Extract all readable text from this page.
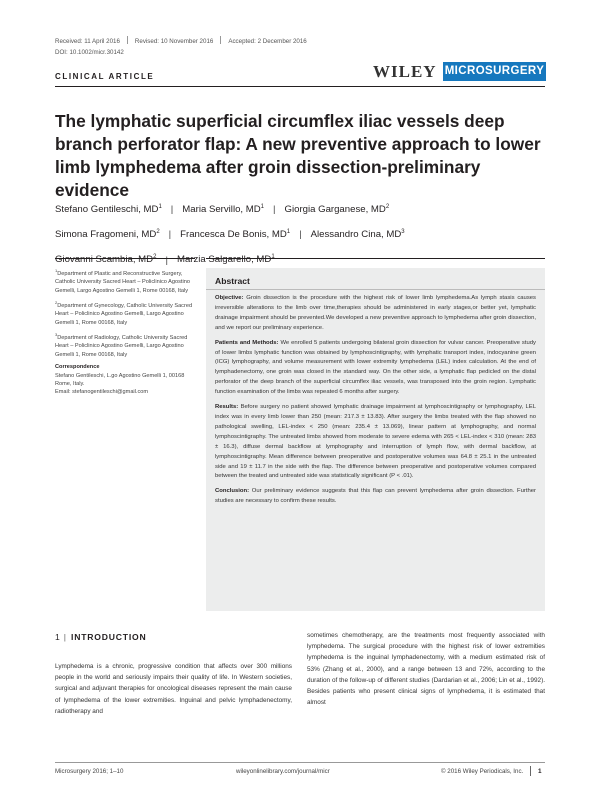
Received: 11 April 2016 Revised: 10 November 2016 Accepted: 2 December 2016
DOI: 10.1002/micr.30142
CLINICAL ARTICLE	WILEY MICROSURGERY
The lymphatic superficial circumflex iliac vessels deep branch perforator flap: A new preventive approach to lower limb lymphedema after groin dissection-preliminary evidence
Stefano Gentileschi, $MD^1$ | Maria Servillo, $MD^1$ | Giorgia Garganese, $MD^2$
Simona Fragomeni, $MD^2$ | Francesca De Bonis, $MD^1$ | Alessandro Cina, $MD^3$
Giovanni Scambia, $MD^2$ | Marzia Salgarello, $MD^1$

$^1$Department of Plastic and Reconstructive Surgery, Catholic University Sacred Heart – Policlinico Agostino Gemelli, Largo Agostino Gemelli 1, Rome 00168, Italy

$^2$Department of Gynecology, Catholic University Sacred Heart – Policlinico Agostino Gemelli, Largo Agostino Gemelli 1, Rome 00168, Italy

$^3$Department of Radiology, Catholic University Sacred Heart – Policlinico Agostino Gemelli, Largo Agostino Gemelli 1, Rome 00168, Italy

Correspondence

Stefano Gentileschi, L.go Agostino Gemelli 1, 00168 Rome, Italy.

Email: stefanogentileschi@gmail.com

Abstract

Objective: Groin dissection is the procedure with the highest risk of lower limb lymphedema.As lymph stasis causes irreversible alterations to the limb over time,therapies should be administered in early stages,or better yet, lymphatic drainage impairment should be prevented.We developed a new preventive approach to lymphedema after groin dissection, and we report our preliminary experience.

Patients and Methods: We enrolled 5 patients undergoing bilateral groin dissection for vulvar cancer. Preoperative study of lower limbs lymphatic function was obtained by lymphoscintigraphy, with lymphatic transport index, indocyanine green (ICG) lymphography, and volume measurement with lower extremity lymphedema (LEL) index calculation. At the end of lymphadenectomy, one groin was closed in the standard way. On the other side, a lymphatic flap pedicled on the distal perforator of the deep branch of the superficial circumflex iliac vessels, was transposed into the groin region. Lymphatic function examination of the limbs was repeated 6 months after surgery.

Results: Before surgery no patient showed lymphatic drainage impairment at lymphoscintigraphy or lymphography, LEL index was in every limb lower than 250 (mean: 217.3 ± 13.83). After surgery the limbs treated with the flap showed no pathological swelling, LEL-index < 250 (mean: 235.4 ± 13.069), linear pattern at lymphography, and normal lymphoscintigraphy. The untreated limbs showed from moderate to severe edema with 265 < LEL-index < 310 (mean: 283 ± 16.3), diffuse dermal backflow at lymphography and interruption of lymph flow, with dermal backflow, at lymphoscintigraphy. Mean difference between preoperative and postoperative volumes was 64.8 ± 25.1 in the untreated side and 19 ± 11.7 in the side with the flap. The difference between preoperative and postoperative volumes compared between the treated and untreated side was statistically significant (P < .01).

Conclusion: Our preliminary evidence suggests that this flap can prevent lymphedema after groin dissection. Further studies are necessary to confirm these results.

1 | INTRODUCTION

Lymphedema is a chronic, progressive condition that affects over 300 millions people in the world and seriously impairs their quality of life. In Western societies, surgical and adjuvant therapies for oncological diseases represent the main cause of lymphedema of the lower extremities. Inguinal and pelvic lymphadenectomy, radiotherapy and

sometimes chemotherapy, are the treatments most frequently associated with lymphedema. The surgical procedure with the highest risk of lower extremities lymphedema is the inguinal lymphadenectomy, with a medium estimated risk of 53% (Zhang et al., 2000), and a range between 13 and 72%, according to the duration of the follow-up of different studies (Dardarian et al., 2006; Lin et al., 1992). Besides patients who present clinical signs of lymphedema, it is estimated that almost

Microsurgery 2016; 1–10	wileyonlinelibrary.com/journal/micr	© 2016 Wiley Periodicals, Inc. 1
